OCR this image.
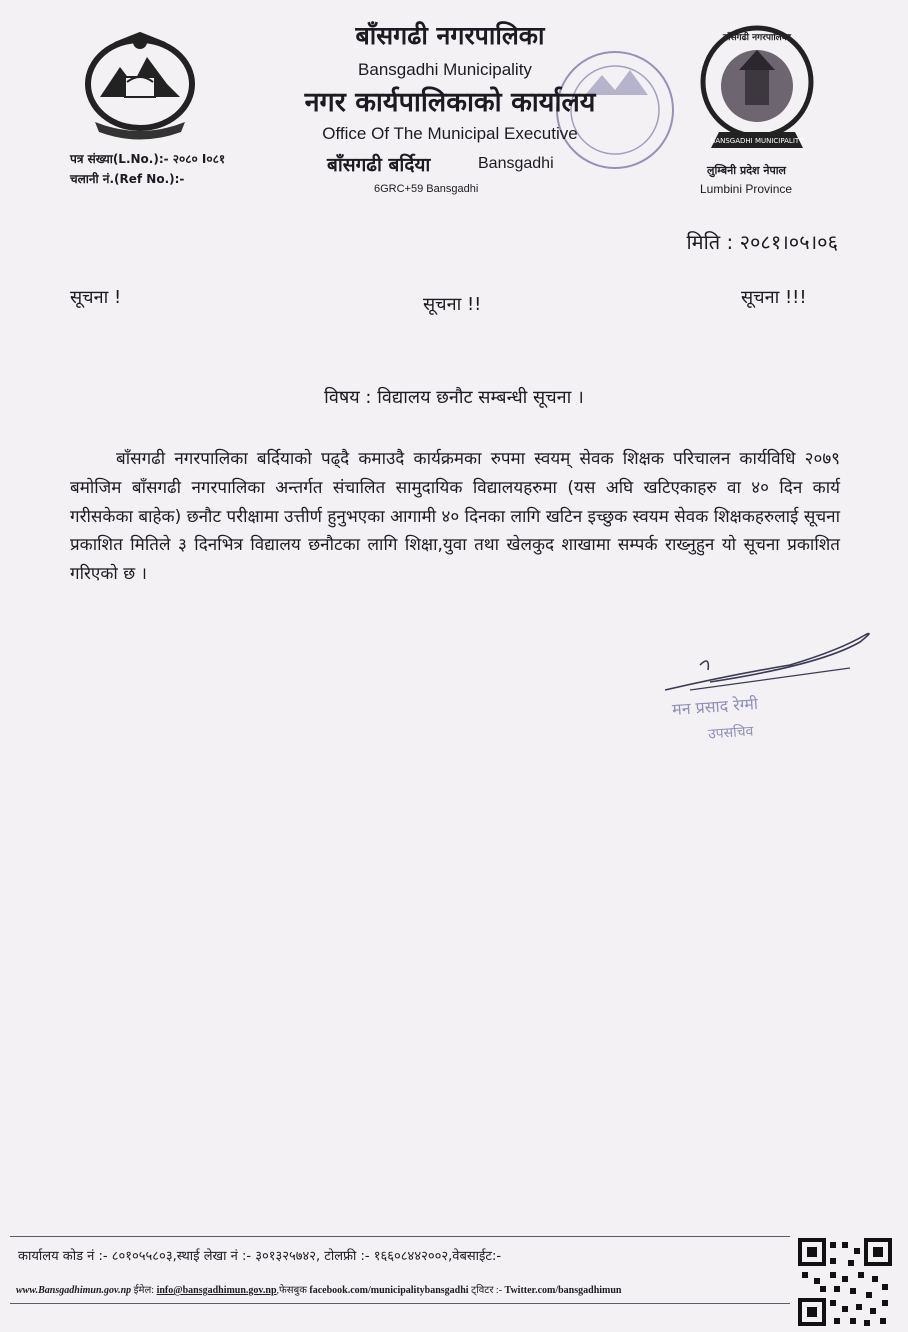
BANSGADHI MUNICIPALITY
बाँसगढी नगरपालिका
बाँसगढी नगरपालिका
Bansgadhi Municipality
नगर कार्यपालिकाको कार्यालय
Office Of The Municipal Executive
बाँसगढी बर्दिया	Bansgadhi
6GRC+59 Bansgadhi
पत्र संख्या(L.No.):- २०८० I०८१
चलानी नं.(Ref No.):-
लुम्बिनी प्रदेश नेपाल
Lumbini Province
मिति : २०८१।०५।०६
सूचना !	सूचना !!	सूचना !!!
विषय : विद्यालय छनौट सम्बन्धी सूचना ।

बाँसगढी नगरपालिका बर्दियाको पढ्दै कमाउदै कार्यक्रमका रुपमा स्वयम् सेवक शिक्षक परिचालन कार्यविधि २०७९ बमोजिम बाँसगढी नगरपालिका अन्तर्गत संचालित सामुदायिक विद्यालयहरुमा (यस अघि खटिएकाहरु वा ४० दिन कार्य गरीसकेका बाहेक) छनौट परीक्षामा उत्तीर्ण हुनुभएका आगामी ४० दिनका लागि खटिन इच्छुक स्वयम सेवक शिक्षकहरुलाई सूचना प्रकाशित मितिले ३ दिनभित्र विद्यालय छनौटका लागि शिक्षा,युवा तथा खेलकुद शाखामा सम्पर्क राख्नुहुन यो सूचना प्रकाशित गरिएको छ ।

मन प्रसाद रेग्मी
उपसचिव
कार्यालय कोड नं :- ८०१०५५८०३,स्थाई लेखा नं :- ३०१३२५७४२, टोलफ्री :- १६६०८४४२००२,वेबसाईट:-
www.Bansgadhimun.gov.np ईमेल: info@bansgadhimun.gov.np,फेसबुक facebook.com/municipalitybansgadhi ट्विटर :- Twitter.com/bansgadhimun
